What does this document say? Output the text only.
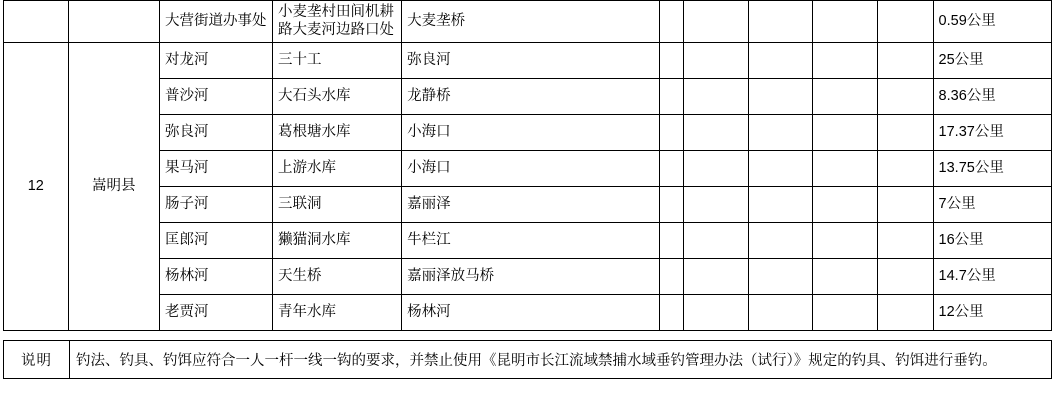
		大营街道办事处	小麦垄村田间机耕路大麦河边路口处	大麦垄桥						0.59公里
12	嵩明县	对龙河	三十工	弥良河						25公里
		普沙河	大石头水库	龙静桥						8.36公里
		弥良河	葛根塘水库	小海口						17.37公里
		果马河	上游水库	小海口						13.75公里
		肠子河	三联洞	嘉丽泽						7公里
		匡郎河	獭猫洞水库	牛栏江						16公里
		杨林河	天生桥	嘉丽泽放马桥						14.7公里
		老贾河	青年水库	杨林河						12公里
说明	钓法、钓具、钓饵应符合一人一杆一线一钩的要求，并禁止使用《昆明市长江流域禁捕水域垂钓管理办法（试行）》规定的钓具、钓饵进行垂钓。
